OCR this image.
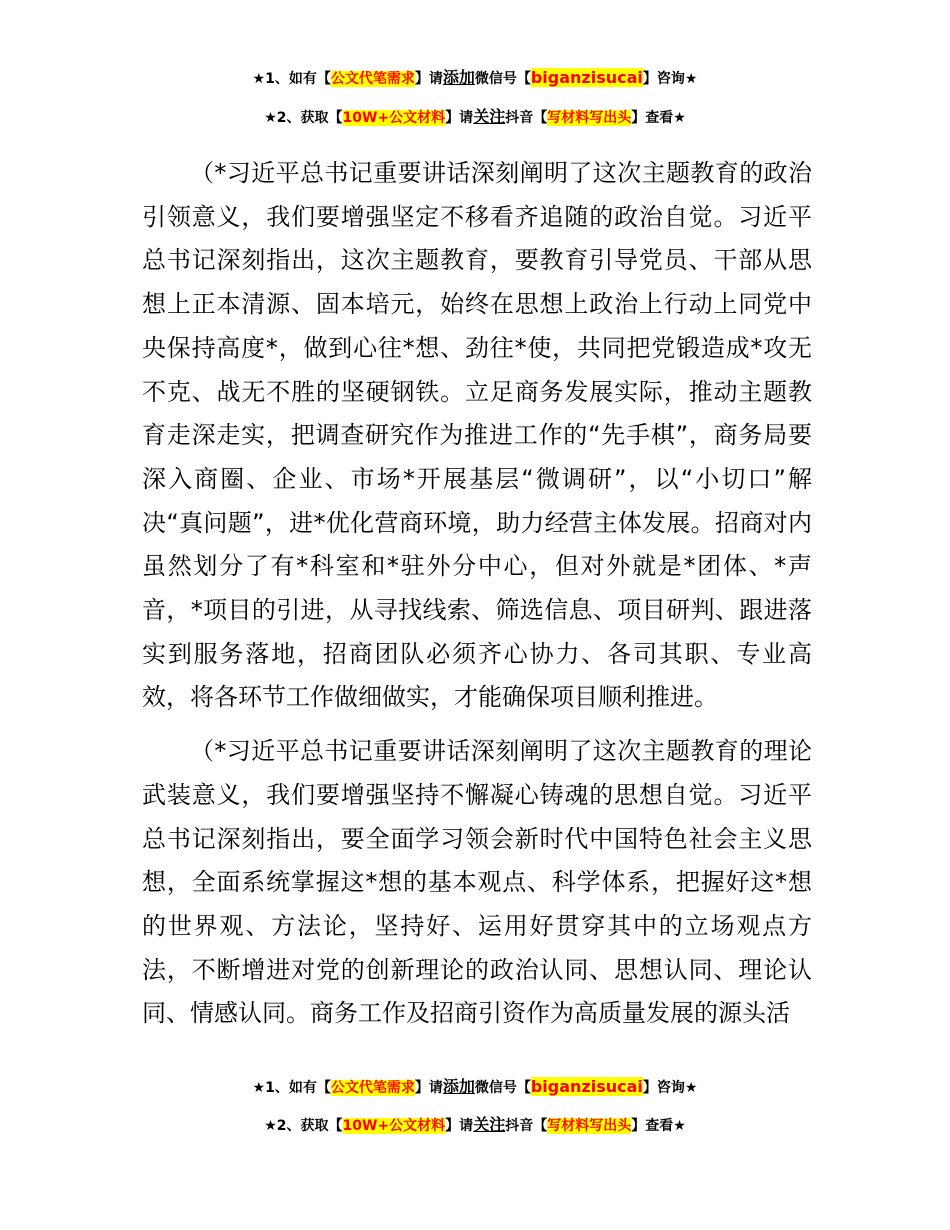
★1、如有【公文代笔需求】请添加微信号【biganzisucai】咨询★
★2、获取【10W+公文材料】请关注抖音【写材料写出头】查看★

（*习近平总书记重要讲话深刻阐明了这次主题教育的政治引领意义，我们要增强坚定不移看齐追随的政治自觉。习近平总书记深刻指出，这次主题教育，要教育引导党员、干部从思想上正本清源、固本培元，始终在思想上政治上行动上同党中央保持高度*，做到心往*想、劲往*使，共同把党锻造成*攻无不克、战无不胜的坚硬钢铁。立足商务发展实际，推动主题教育走深走实，把调查研究作为推进工作的“先手棋”，商务局要深入商圈、企业、市场*开展基层“微调研”，以“小切口”解决“真问题”，进*优化营商环境，助力经营主体发展。招商对内虽然划分了有*科室和*驻外分中心，但对外就是*团体、*声音，*项目的引进，从寻找线索、筛选信息、项目研判、跟进落实到服务落地，招商团队必须齐心协力、各司其职、专业高效，将各环节工作做细做实，才能确保项目顺利推进。

（*习近平总书记重要讲话深刻阐明了这次主题教育的理论武装意义，我们要增强坚持不懈凝心铸魂的思想自觉。习近平总书记深刻指出，要全面学习领会新时代中国特色社会主义思想，全面系统掌握这*想的基本观点、科学体系，把握好这*想的世界观、方法论，坚持好、运用好贯穿其中的立场观点方法，不断增进对党的创新理论的政治认同、思想认同、理论认同、情感认同。商务工作及招商引资作为高质量发展的源头活

★1、如有【公文代笔需求】请添加微信号【biganzisucai】咨询★
★2、获取【10W+公文材料】请关注抖音【写材料写出头】查看★
